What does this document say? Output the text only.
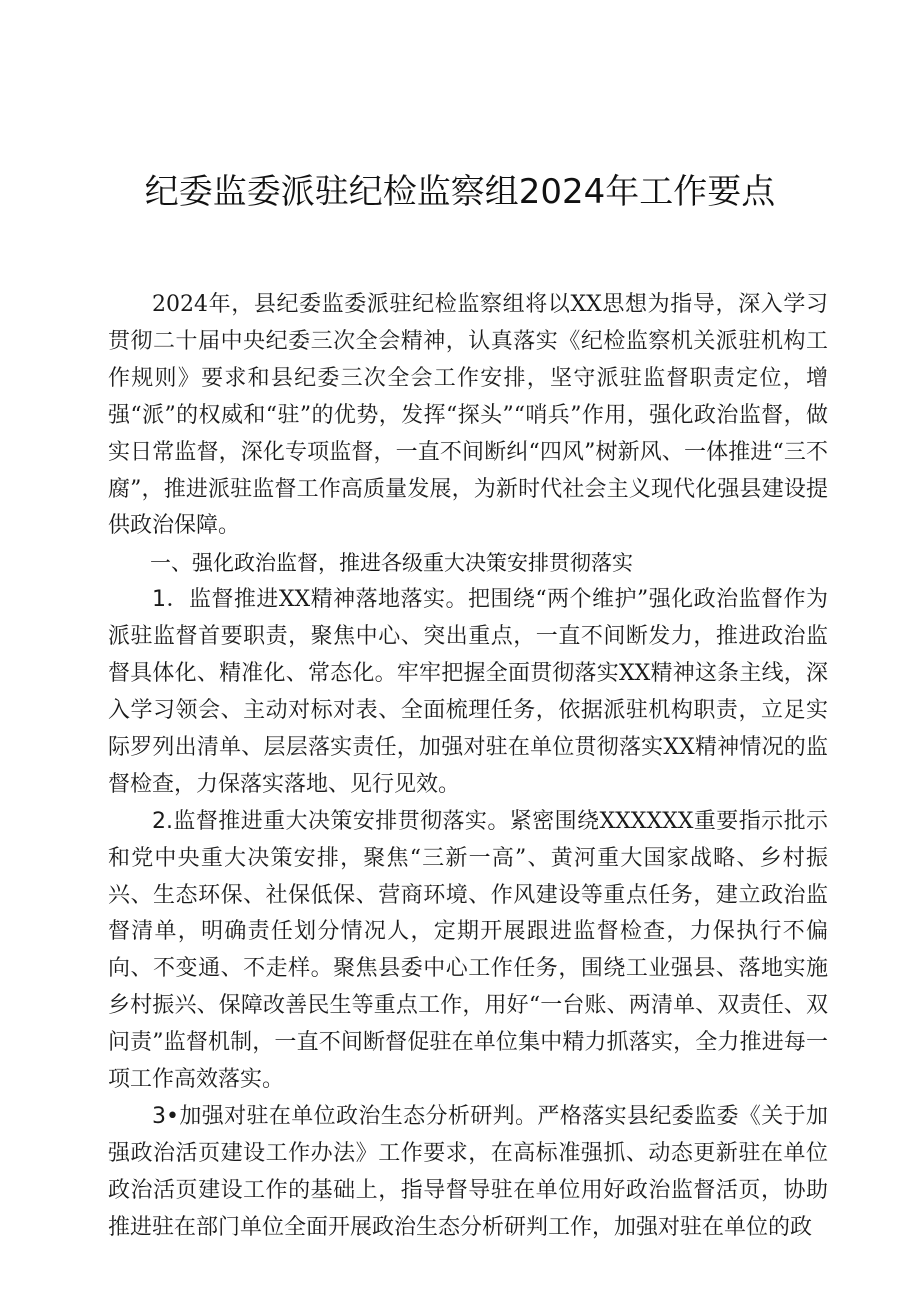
纪委监委派驻纪检监察组2024年工作要点

2024年，县纪委监委派驻纪检监察组将以XX思想为指导，深入学习贯彻二十届中央纪委三次全会精神，认真落实《纪检监察机关派驻机构工作规则》要求和县纪委三次全会工作安排，坚守派驻监督职责定位，增强“派”的权威和“驻”的优势，发挥“探头”“哨兵”作用，强化政治监督，做实日常监督，深化专项监督，一直不间断纠“四风”树新风、一体推进“三不腐”，推进派驻监督工作高质量发展，为新时代社会主义现代化强县建设提供政治保障。

一、强化政治监督，推进各级重大决策安排贯彻落实

1．监督推进XX精神落地落实。把围绕“两个维护”强化政治监督作为派驻监督首要职责，聚焦中心、突出重点，一直不间断发力，推进政治监督具体化、精准化、常态化。牢牢把握全面贯彻落实XX精神这条主线，深入学习领会、主动对标对表、全面梳理任务，依据派驻机构职责，立足实际罗列出清单、层层落实责任，加强对驻在单位贯彻落实XX精神情况的监督检查，力保落实落地、见行见效。

2.监督推进重大决策安排贯彻落实。紧密围绕XXXXXX重要指示批示和党中央重大决策安排，聚焦“三新一高”、黄河重大国家战略、乡村振兴、生态环保、社保低保、营商环境、作风建设等重点任务，建立政治监督清单，明确责任划分情况人，定期开展跟进监督检查，力保执行不偏向、不变通、不走样。聚焦县委中心工作任务，围绕工业强县、落地实施乡村振兴、保障改善民生等重点工作，用好“一台账、两清单、双责任、双问责”监督机制，一直不间断督促驻在单位集中精力抓落实，全力推进每一项工作高效落实。

3•加强对驻在单位政治生态分析研判。严格落实县纪委监委《关于加强政治活页建设工作办法》工作要求，在高标准强抓、动态更新驻在单位政治活页建设工作的基础上，指导督导驻在单位用好政治监督活页，协助推进驻在部门单位全面开展政治生态分析研判工作，加强对驻在单位的政
